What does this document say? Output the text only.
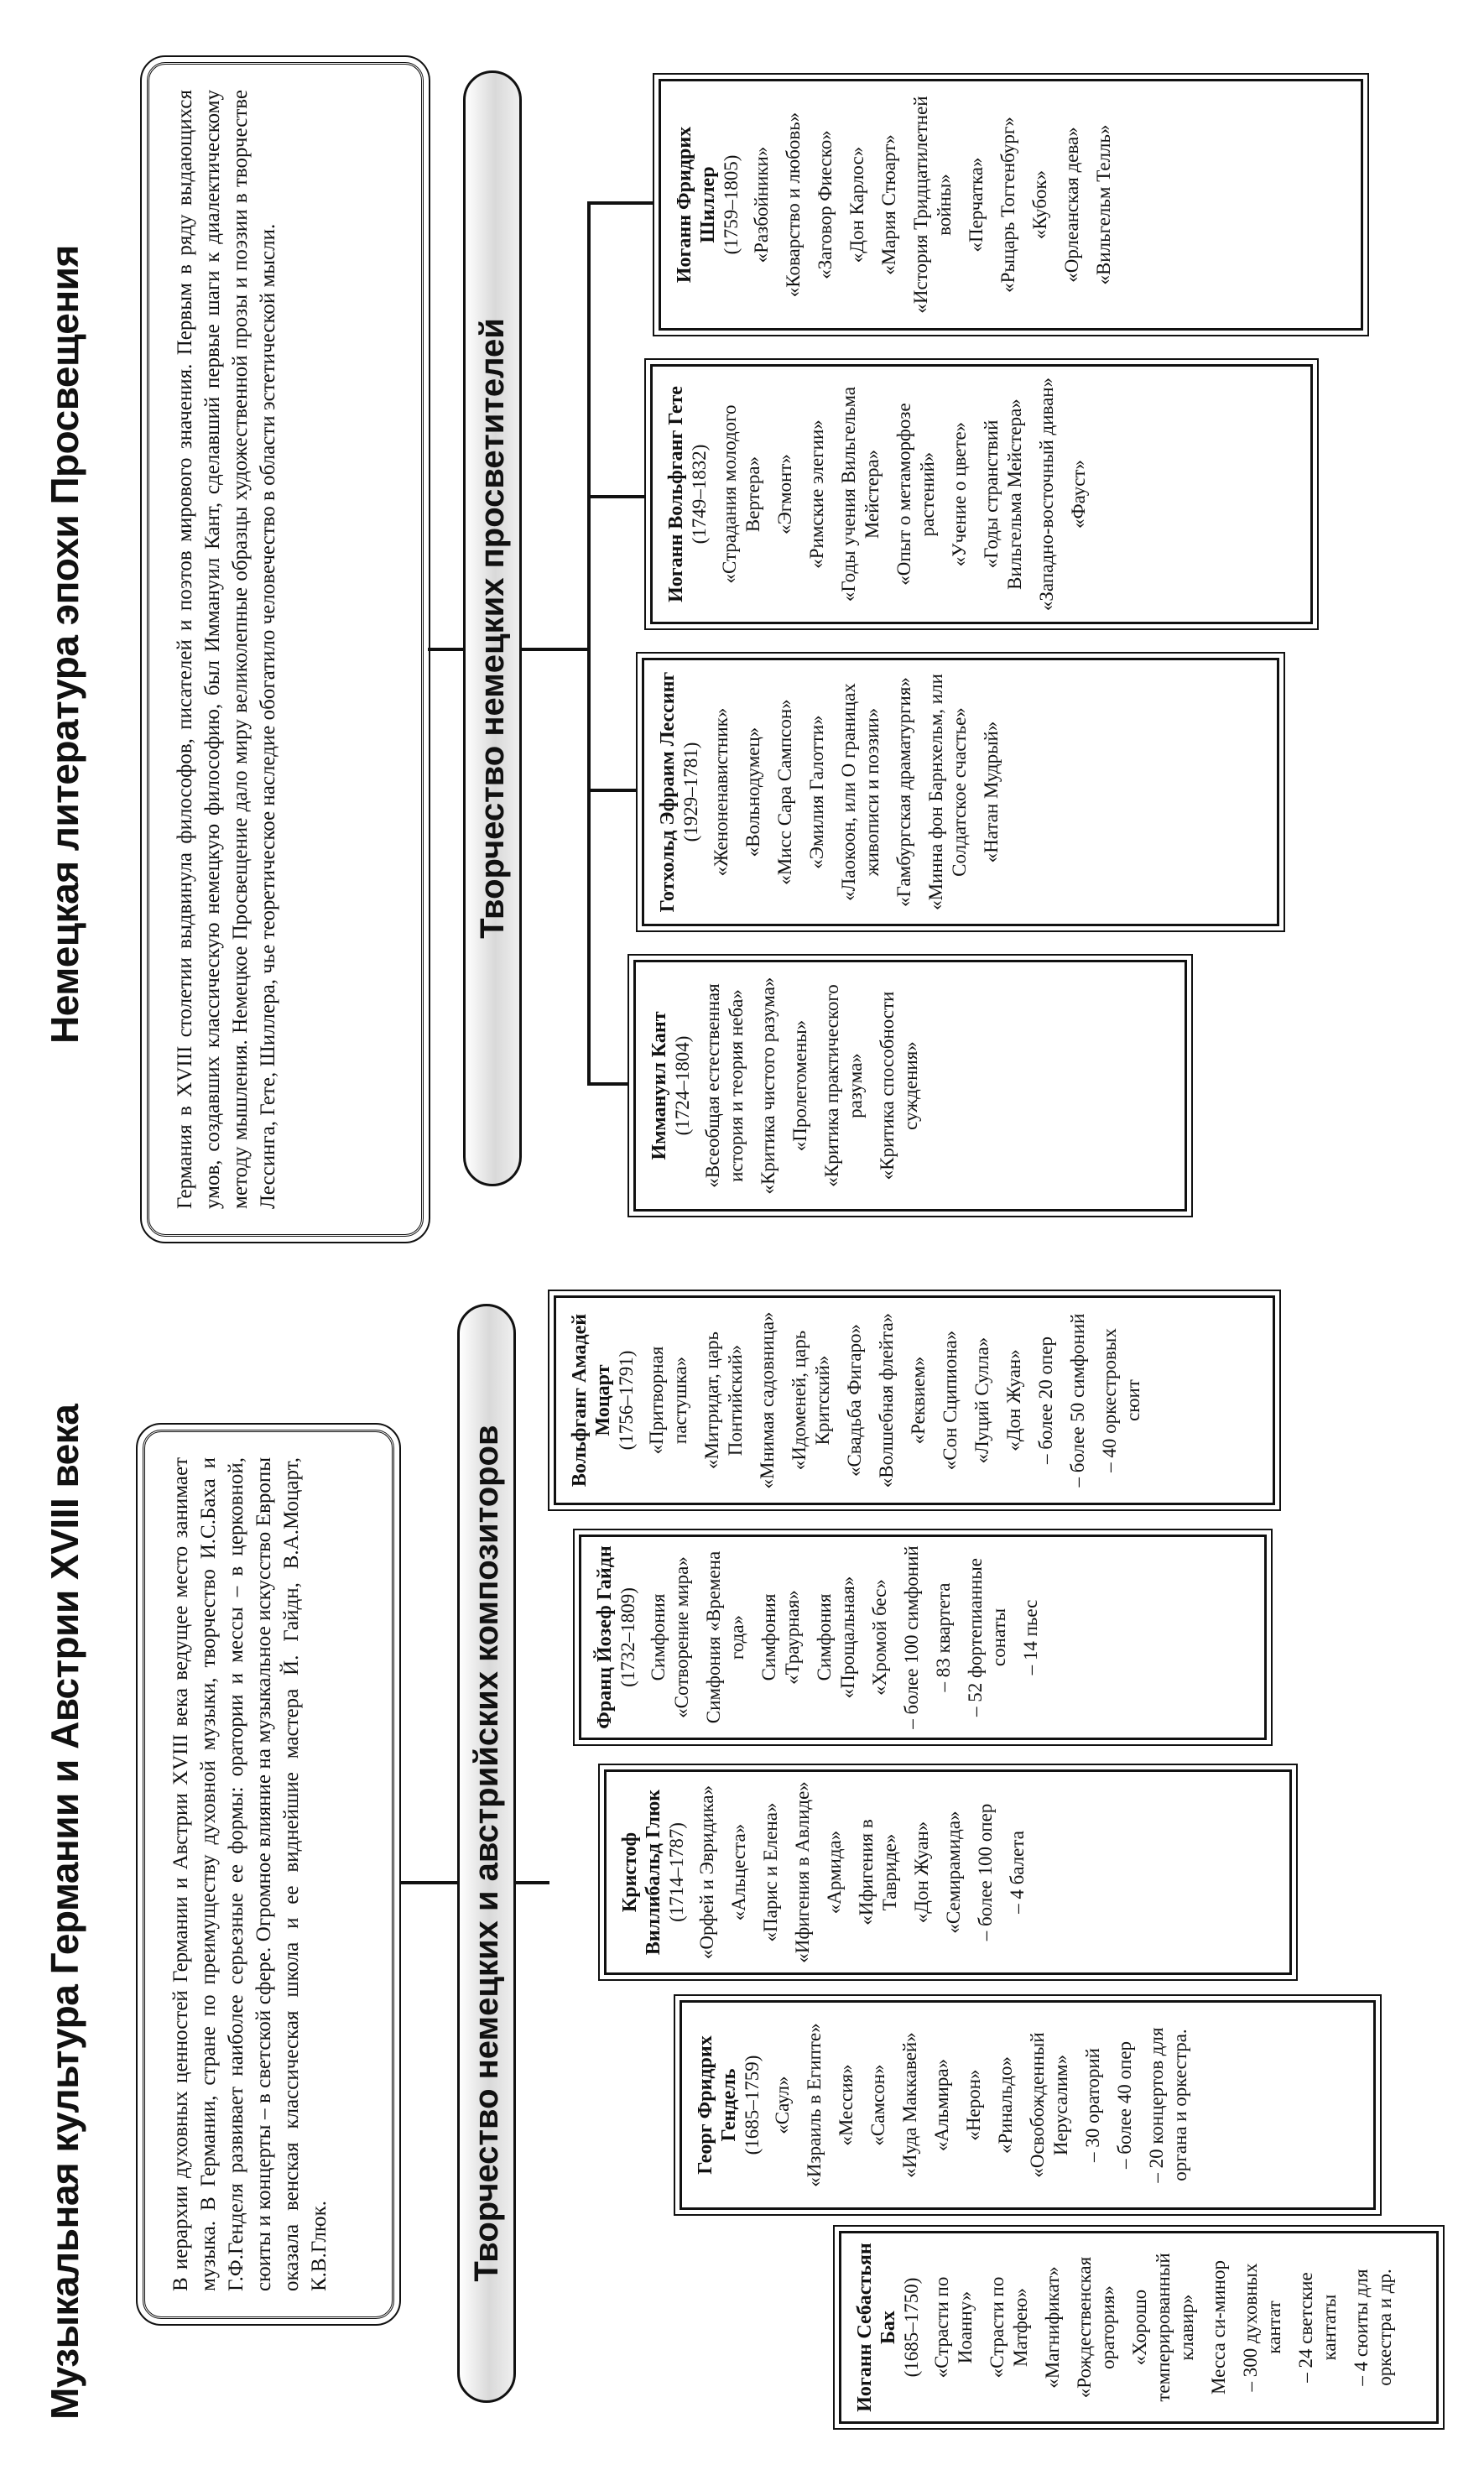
Музыкальная культура Германии и Австрии XVIII века	В иерархии духовных ценностей Германии и Австрии XVIII века ведущее место занимает музыка. В Германии, стране по преимуществу духовной музыки, творчество И.С.Баха и Г.Ф.Генделя развивает наиболее серьезные ее формы: оратории и мессы – в церковной, сюиты и концерты – в светской сфере. Огромное влияние на музыкальное искусство Европы оказала венская классическая школа и ее виднейшие мастера Й. Гайдн, В.А.Моцарт, К.В.Глюк.	Творчество немецких и австрийских композиторов
Иоганн Себастьян Бах (1685–1750) «Страсти по Иоанну» «Страсти по Матфею» «Магнификат» «Рождественская оратория» «Хорошо темперированный клавир» Месса си-минор – 300 духовных кантат – 24 светские кантаты – 4 сюиты для оркестра и др.
Георг Фридрих Гендель (1685–1759) «Саул» «Израиль в Египте» «Мессия» «Самсон» «Иуда Маккавей» «Альмира» «Нерон» «Ринальдо» «Освобожденный Иерусалим» – 30 ораторий – более 40 опер – 20 концертов для органа и оркестра.
Кристоф Виллибальд Глюк (1714–1787) «Орфей и Эвридика» «Альцеста» «Парис и Елена» «Ифигения в Авлиде» «Армида» «Ифигения в Тавриде» «Дон Жуан» «Семирамида» – более 100 опер – 4 балета
Франц Йозеф Гайдн (1732–1809) Симфония «Сотворение мира» Симфония «Времена года» Симфония «Траурная» Симфония «Прощальная» «Хромой бес» – более 100 симфоний – 83 квартета – 52 фортепианные сонаты – 14 пьес
Вольфганг Амадей Моцарт (1756–1791) «Притворная пастушка» «Митридат, царь Понтийский» «Мнимая садовница» «Идоменей, царь Критский» «Свадьба Фигаро» «Волшебная флейта» «Реквием» «Сон Сципиона» «Луций Сулла» «Дон Жуан» – более 20 опер – более 50 симфоний – 40 оркестровых сюит
Немецкая литература эпохи Просвещения	Германия в XVIII столетии выдвинула философов, писателей и поэтов мирового значения. Первым в ряду выдающихся умов, создавших классическую немецкую философию, был Иммануил Кант, сделавший первые шаги к диалектическому методу мышления. Немецкое Просвещение дало миру великолепные образцы художественной прозы и поэзии в творчестве Лессинга, Гете, Шиллера, чье теоретическое наследие обогатило человечество в области эстетической мысли.	Творчество немецких просветителей
Иммануил Кант (1724–1804) «Всеобщая естественная история и теория неба» «Критика чистого разума» «Пролегомены» «Критика практического разума» «Критика способности суждения»
Готхольд Эфраим Лессинг (1929–1781) «Женоненавистник» «Вольнодумец» «Мисс Сара Сампсон» «Эмилия Галотти» «Лаокоон, или О границах живописи и поэзии» «Гамбургская драматургия» «Минна фон Барнхельм, или Солдатское счастье» «Натан Мудрый»
Иоганн Вольфганг Гете (1749–1832) «Страдания молодого Вертера» «Эгмонт» «Римские элегии» «Годы учения Вильгельма Мейстера» «Опыт о метаморфозе растений» «Учение о цвете» «Годы странствий Вильгельма Мейстера» «Западно-восточный диван» «Фауст»
Иоганн Фридрих Шиллер (1759–1805) «Разбойники» «Коварство и любовь» «Заговор Фиеско» «Дон Карлос» «Мария Стюарт» «История Тридцатилетней войны» «Перчатка» «Рыцарь Тоггенбург» «Кубок» «Орлеанская дева» «Вильгельм Телль»
